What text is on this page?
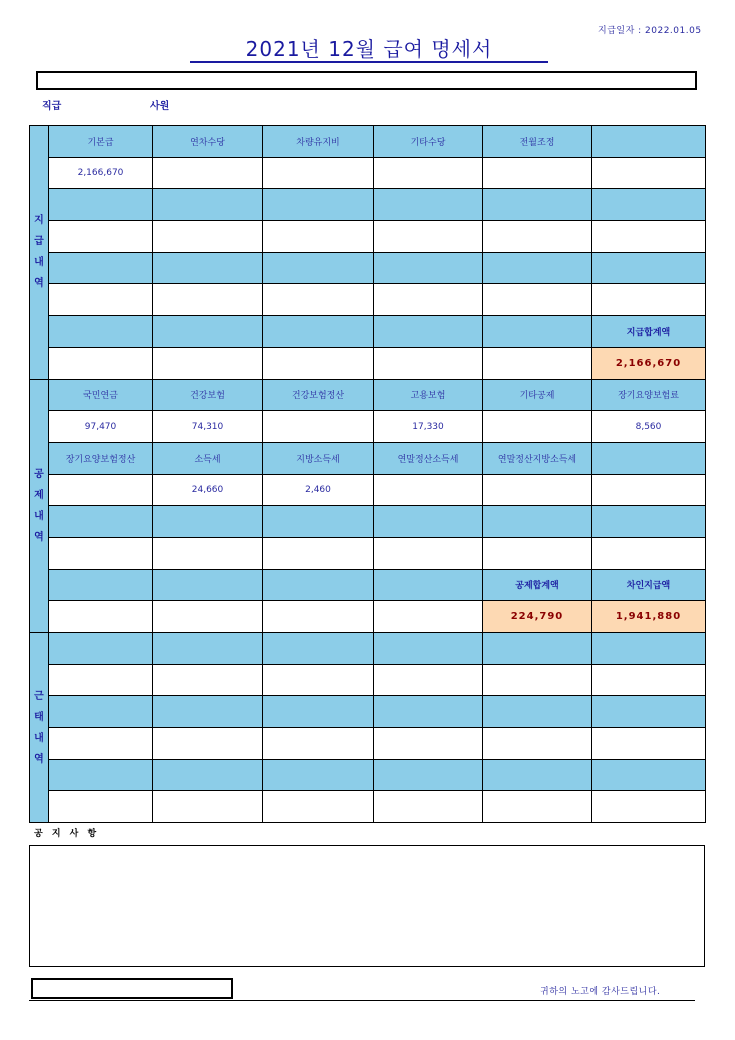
지급일자 : 2022.01.05
2021년 12월 급여 명세서
직급	사원
지급내역	기본급	연차수당	차량유지비	기타수당	전월조정	
	2,166,670					

						지급합계액
						2,166,670
공제내역	국민연금	건강보험	건강보험정산	고용보험	기타공제	장기요양보험료
	97,470	74,310		17,330		8,560
	장기요양보험정산	소득세	지방소득세	연말정산소득세	연말정산지방소득세	
		24,660	2,460			

					공제합계액	차인지급액
					224,790	1,941,880
근태내역						

공 지 사 항
귀하의 노고에 감사드립니다.
